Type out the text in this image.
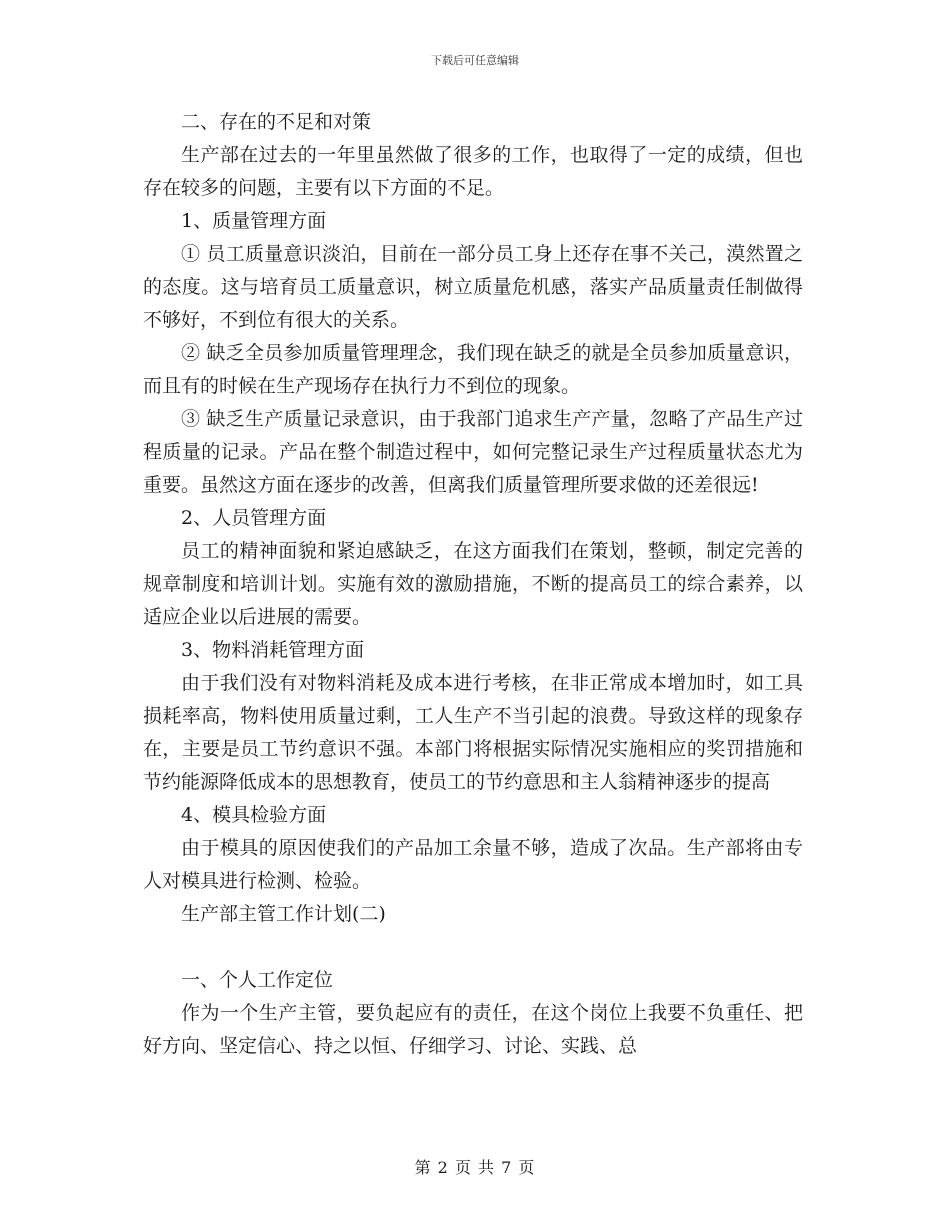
下载后可任意编辑

二、存在的不足和对策

生产部在过去的一年里虽然做了很多的工作，也取得了一定的成绩，但也存在较多的问题，主要有以下方面的不足。

1、质量管理方面

① 员工质量意识淡泊，目前在一部分员工身上还存在事不关己，漠然置之的态度。这与培育员工质量意识，树立质量危机感，落实产品质量责任制做得不够好，不到位有很大的关系。

② 缺乏全员参加质量管理理念，我们现在缺乏的就是全员参加质量意识，而且有的时候在生产现场存在执行力不到位的现象。

③ 缺乏生产质量记录意识，由于我部门追求生产产量，忽略了产品生产过程质量的记录。产品在整个制造过程中，如何完整记录生产过程质量状态尤为重要。虽然这方面在逐步的改善，但离我们质量管理所要求做的还差很远!

2、人员管理方面

员工的精神面貌和紧迫感缺乏，在这方面我们在策划，整顿，制定完善的规章制度和培训计划。实施有效的激励措施，不断的提高员工的综合素养，以适应企业以后进展的需要。

3、物料消耗管理方面

由于我们没有对物料消耗及成本进行考核，在非正常成本增加时，如工具损耗率高，物料使用质量过剩，工人生产不当引起的浪费。导致这样的现象存在，主要是员工节约意识不强。本部门将根据实际情况实施相应的奖罚措施和节约能源降低成本的思想教育，使员工的节约意思和主人翁精神逐步的提高

4、模具检验方面

由于模具的原因使我们的产品加工余量不够，造成了次品。生产部将由专人对模具进行检测、检验。

生产部主管工作计划(二)

一、个人工作定位

作为一个生产主管，要负起应有的责任，在这个岗位上我要不负重任、把好方向、坚定信心、持之以恒、仔细学习、讨论、实践、总

第 2 页 共 7 页
